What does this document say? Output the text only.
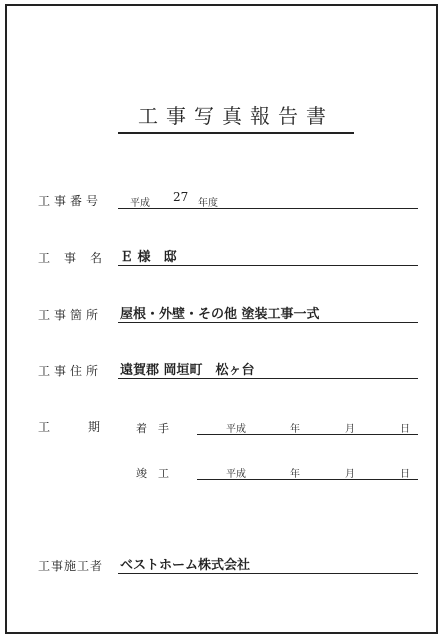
工事写真報告書
工事番号	平成 27 年度
工事名 Ｅ 様　邸
工事箇所 屋根・外壁・その他 塗装工事一式
工事住所 遠賀郡 岡垣町　松ヶ台
工期
着　手	平成	年	月	日
竣　工	平成	年	月	日
工事施工者 ベストホーム株式会社
